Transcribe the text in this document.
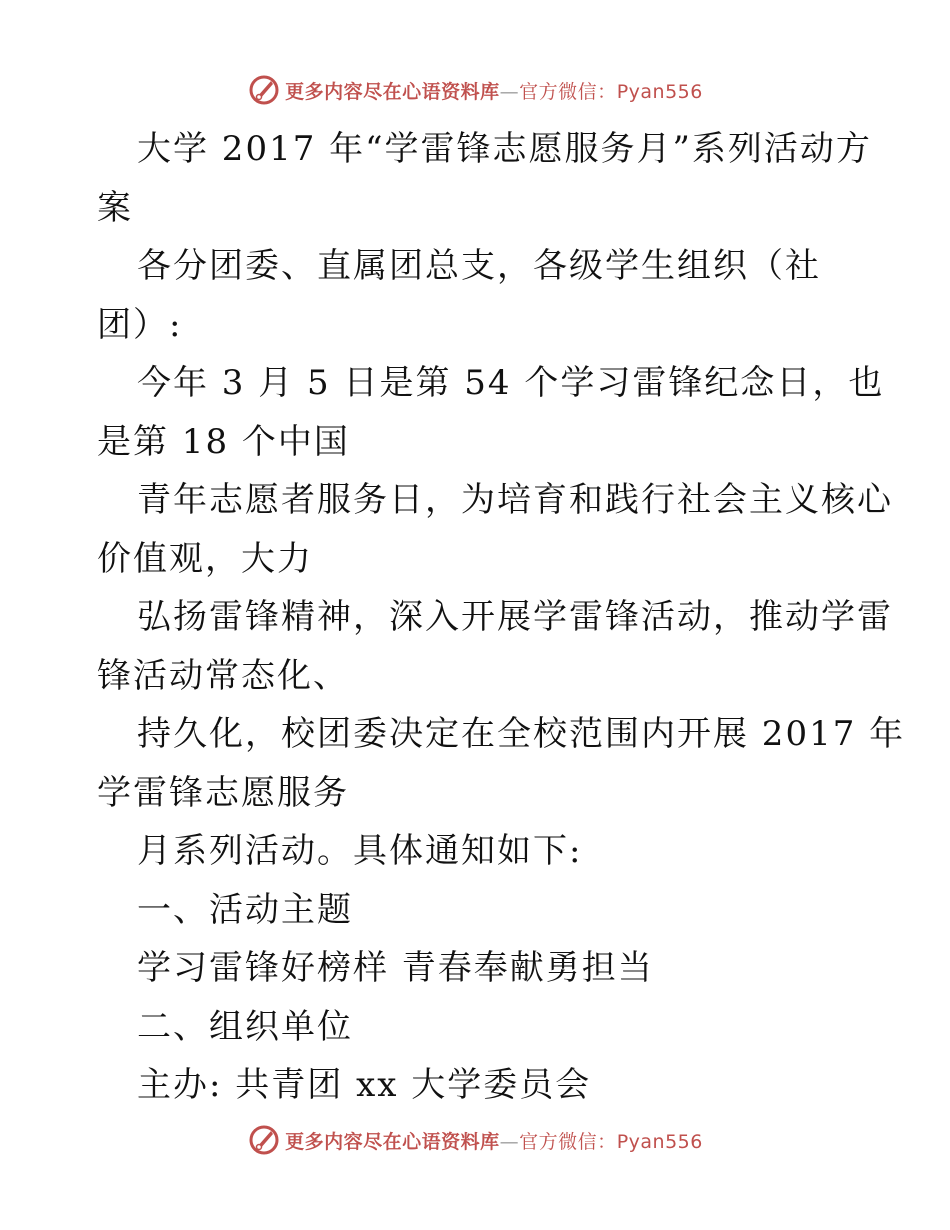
更多内容尽在心语资料库—官方微信：Pyan556
大学 2017 年“学雷锋志愿服务月”系列活动方
案
各分团委、直属团总支，各级学生组织（社
团）:
今年 3 月 5 日是第 54 个学习雷锋纪念日，也
是第 18 个中国
青年志愿者服务日，为培育和践行社会主义核心
价值观，大力
弘扬雷锋精神，深入开展学雷锋活动，推动学雷
锋活动常态化、
持久化，校团委决定在全校范围内开展 2017 年
学雷锋志愿服务
月系列活动。具体通知如下:
一、活动主题
学习雷锋好榜样 青春奉献勇担当
二、组织单位
主办: 共青团 xx 大学委员会
更多内容尽在心语资料库—官方微信：Pyan556
